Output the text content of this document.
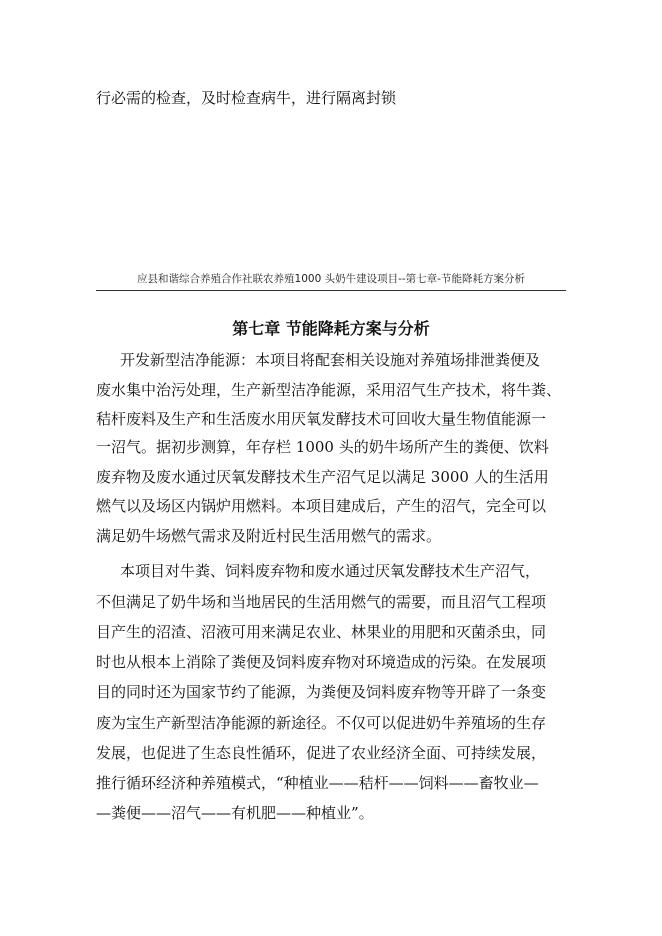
行必需的检查，及时检查病牛，进行隔离封锁
应县和谐综合养殖合作社联农养殖1000 头奶牛建设项目--第七章-节能降耗方案分析
第七章 节能降耗方案与分析
开发新型洁净能源：本项目将配套相关设施对养殖场排泄粪便及
废水集中治污处理，生产新型洁净能源，采用沼气生产技术，将牛粪、
秸杆废料及生产和生活废水用厌氧发酵技术可回收大量生物值能源一
一沼气。据初步测算，年存栏 1000 头的奶牛场所产生的粪便、饮料
废弃物及废水通过厌氧发酵技术生产沼气足以满足 3000 人的生活用
燃气以及场区内锅炉用燃料。本项目建成后，产生的沼气，完全可以
满足奶牛场燃气需求及附近村民生活用燃气的需求。
本项目对牛粪、饲料废弃物和废水通过厌氧发酵技术生产沼气，
不但满足了奶牛场和当地居民的生活用燃气的需要，而且沼气工程项
目产生的沼渣、沼液可用来满足农业、林果业的用肥和灭菌杀虫，同
时也从根本上消除了粪便及饲料废弃物对环境造成的污染。在发展项
目的同时还为国家节约了能源，为粪便及饲料废弃物等开辟了一条变
废为宝生产新型洁净能源的新途径。不仅可以促进奶牛养殖场的生存
发展，也促进了生态良性循环，促进了农业经济全面、可持续发展，
推行循环经济种养殖模式，“种植业——秸杆——饲料——畜牧业—
—粪便——沼气——有机肥——种植业”。
